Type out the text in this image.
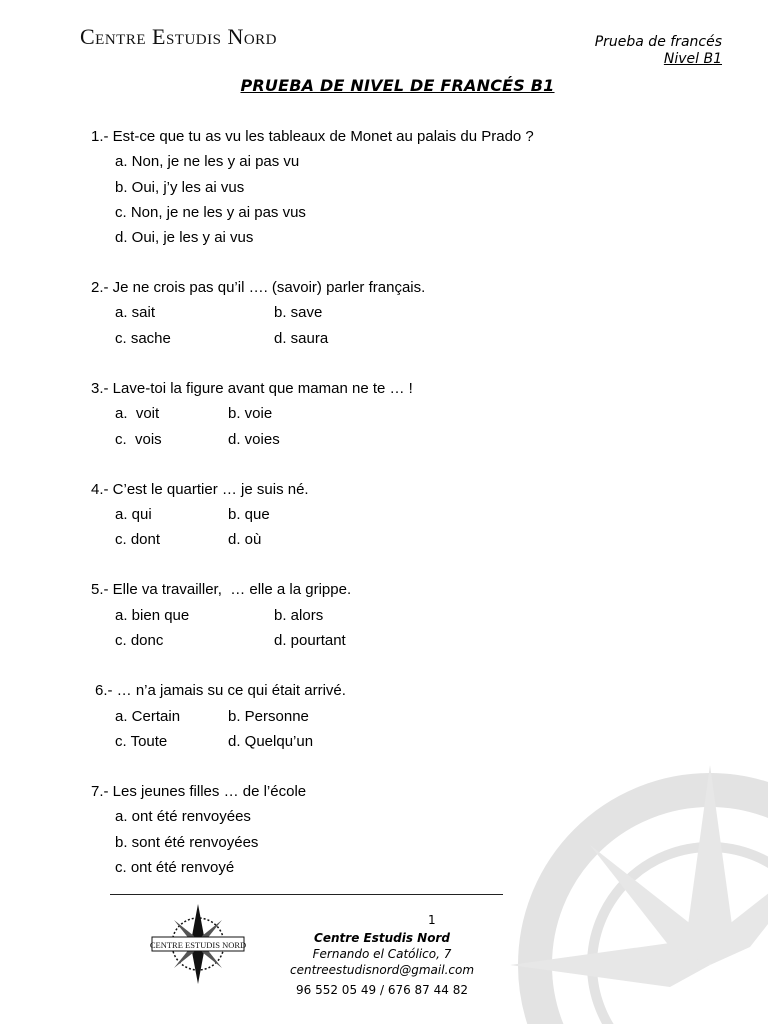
Centre Estudis Nord	Prueba de francés
Nivel B1
PRUEBA DE NIVEL DE FRANCÉS B1
1.- Est-ce que tu as vu les tableaux de Monet au palais du Prado ?
a. Non, je ne les y ai pas vu
b. Oui, j’y les ai vus
c. Non, je ne les y ai pas vus
d. Oui, je les y ai vus
2.- Je ne crois pas qu’il …. (savoir) parler français.
a. sait	b. save
c. sache	d. saura
3.- Lave-toi la figure avant que maman ne te … !
a.  voit	b. voie
c.  vois	d. voies
4.- C’est le quartier … je suis né.
a. qui	b. que
c. dont	d. où
5.- Elle va travailler,  … elle a la grippe.
a. bien que	b. alors
c. donc	d. pourtant
6.- … n’a jamais su ce qui était arrivé.
a. Certain	b. Personne
c. Toute	d. Quelqu’un
7.- Les jeunes filles … de l’école
a. ont été renvoyées
b. sont été renvoyées
c. ont été renvoyé
1
CENTRE ESTUDIS NORD	Centre Estudis Nord
Fernando el Católico, 7
centreestudisnord@gmail.com
96 552 05 49 / 676 87 44 82
